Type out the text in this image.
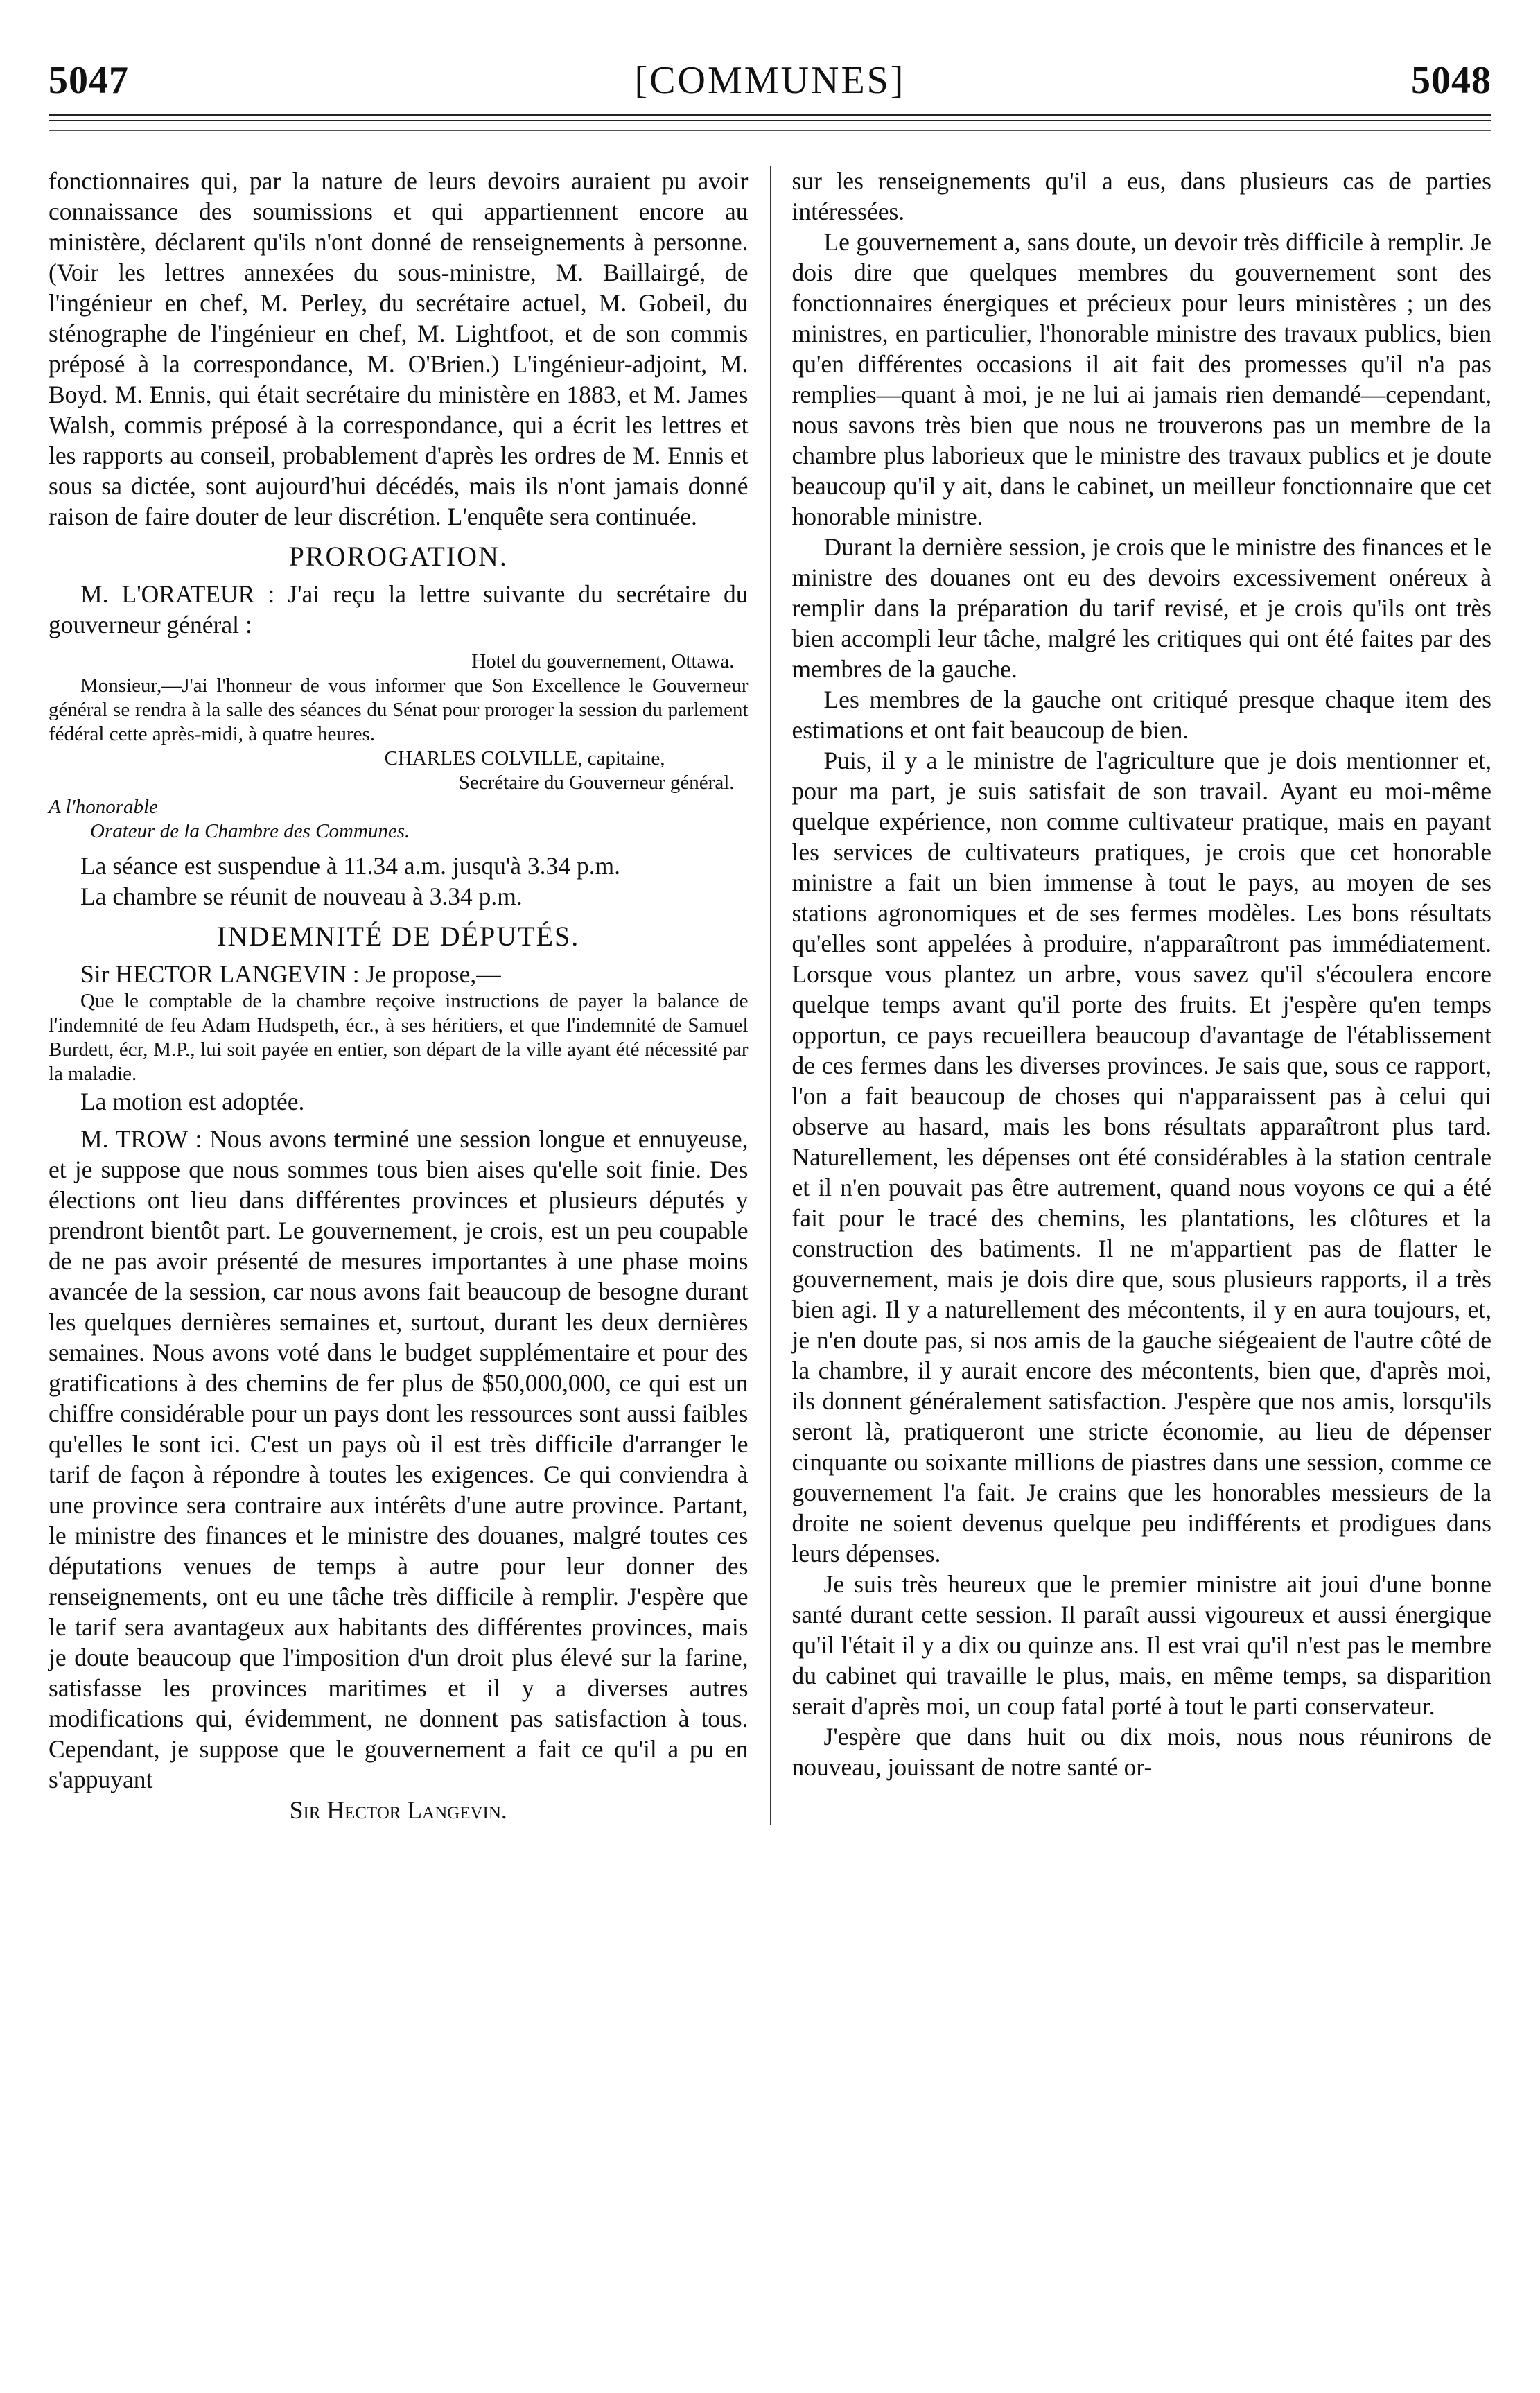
5047	[COMMUNES]	5048

fonctionnaires qui, par la nature de leurs devoirs auraient pu avoir connaissance des soumissions et qui appartiennent encore au ministère, déclarent qu'ils n'ont donné de renseignements à personne. (Voir les lettres annexées du sous-ministre, M. Baillairgé, de l'ingénieur en chef, M. Perley, du secrétaire actuel, M. Gobeil, du sténographe de l'ingénieur en chef, M. Lightfoot, et de son commis préposé à la correspondance, M. O'Brien.) L'ingénieur-adjoint, M. Boyd. M. Ennis, qui était secrétaire du ministère en 1883, et M. James Walsh, commis préposé à la correspondance, qui a écrit les lettres et les rapports au conseil, probablement d'après les ordres de M. Ennis et sous sa dictée, sont aujourd'hui décédés, mais ils n'ont jamais donné raison de faire douter de leur discrétion. L'enquête sera continuée.

PROROGATION.

M. L'ORATEUR : J'ai reçu la lettre suivante du secrétaire du gouverneur général :

Hotel du gouvernement, Ottawa.

Monsieur,—J'ai l'honneur de vous informer que Son Excellence le Gouverneur général se rendra à la salle des séances du Sénat pour proroger la session du parlement fédéral cette après-midi, à quatre heures.

CHARLES COLVILLE, capitaine,

Secrétaire du Gouverneur général.

A l'honorable

Orateur de la Chambre des Communes.

La séance est suspendue à 11.34 a.m. jusqu'à 3.34 p.m.

La chambre se réunit de nouveau à 3.34 p.m.

INDEMNITÉ DE DÉPUTÉS.

Sir HECTOR LANGEVIN : Je propose,—

Que le comptable de la chambre reçoive instructions de payer la balance de l'indemnité de feu Adam Hudspeth, écr., à ses héritiers, et que l'indemnité de Samuel Burdett, écr, M.P., lui soit payée en entier, son départ de la ville ayant été nécessité par la maladie.

La motion est adoptée.

M. TROW : Nous avons terminé une session longue et ennuyeuse, et je suppose que nous sommes tous bien aises qu'elle soit finie. Des élections ont lieu dans différentes provinces et plusieurs députés y prendront bientôt part. Le gouvernement, je crois, est un peu coupable de ne pas avoir présenté de mesures importantes à une phase moins avancée de la session, car nous avons fait beaucoup de besogne durant les quelques dernières semaines et, surtout, durant les deux dernières semaines. Nous avons voté dans le budget supplémentaire et pour des gratifications à des chemins de fer plus de $50,000,000, ce qui est un chiffre considérable pour un pays dont les ressources sont aussi faibles qu'elles le sont ici. C'est un pays où il est très difficile d'arranger le tarif de façon à répondre à toutes les exigences. Ce qui conviendra à une province sera contraire aux intérêts d'une autre province. Partant, le ministre des finances et le ministre des douanes, malgré toutes ces députations venues de temps à autre pour leur donner des renseignements, ont eu une tâche très difficile à remplir. J'espère que le tarif sera avantageux aux habitants des différentes provinces, mais je doute beaucoup que l'imposition d'un droit plus élevé sur la farine, satisfasse les provinces maritimes et il y a diverses autres modifications qui, évidemment, ne donnent pas satisfaction à tous. Cependant, je suppose que le gouvernement a fait ce qu'il a pu en s'appuyant

Sir Hector Langevin.

sur les renseignements qu'il a eus, dans plusieurs cas de parties intéressées.

Le gouvernement a, sans doute, un devoir très difficile à remplir. Je dois dire que quelques membres du gouvernement sont des fonctionnaires énergiques et précieux pour leurs ministères ; un des ministres, en particulier, l'honorable ministre des travaux publics, bien qu'en différentes occasions il ait fait des promesses qu'il n'a pas remplies—quant à moi, je ne lui ai jamais rien demandé—cependant, nous savons très bien que nous ne trouverons pas un membre de la chambre plus laborieux que le ministre des travaux publics et je doute beaucoup qu'il y ait, dans le cabinet, un meilleur fonctionnaire que cet honorable ministre.

Durant la dernière session, je crois que le ministre des finances et le ministre des douanes ont eu des devoirs excessivement onéreux à remplir dans la préparation du tarif revisé, et je crois qu'ils ont très bien accompli leur tâche, malgré les critiques qui ont été faites par des membres de la gauche.

Les membres de la gauche ont critiqué presque chaque item des estimations et ont fait beaucoup de bien.

Puis, il y a le ministre de l'agriculture que je dois mentionner et, pour ma part, je suis satisfait de son travail. Ayant eu moi-même quelque expérience, non comme cultivateur pratique, mais en payant les services de cultivateurs pratiques, je crois que cet honorable ministre a fait un bien immense à tout le pays, au moyen de ses stations agronomiques et de ses fermes modèles. Les bons résultats qu'elles sont appelées à produire, n'apparaîtront pas immédiatement. Lorsque vous plantez un arbre, vous savez qu'il s'écoulera encore quelque temps avant qu'il porte des fruits. Et j'espère qu'en temps opportun, ce pays recueillera beaucoup d'avantage de l'établissement de ces fermes dans les diverses provinces. Je sais que, sous ce rapport, l'on a fait beaucoup de choses qui n'apparaissent pas à celui qui observe au hasard, mais les bons résultats apparaîtront plus tard. Naturellement, les dépenses ont été considérables à la station centrale et il n'en pouvait pas être autrement, quand nous voyons ce qui a été fait pour le tracé des chemins, les plantations, les clôtures et la construction des batiments. Il ne m'appartient pas de flatter le gouvernement, mais je dois dire que, sous plusieurs rapports, il a très bien agi. Il y a naturellement des mécontents, il y en aura toujours, et, je n'en doute pas, si nos amis de la gauche siégeaient de l'autre côté de la chambre, il y aurait encore des mécontents, bien que, d'après moi, ils donnent généralement satisfaction. J'espère que nos amis, lorsqu'ils seront là, pratiqueront une stricte économie, au lieu de dépenser cinquante ou soixante millions de piastres dans une session, comme ce gouvernement l'a fait. Je crains que les honorables messieurs de la droite ne soient devenus quelque peu indifférents et prodigues dans leurs dépenses.

Je suis très heureux que le premier ministre ait joui d'une bonne santé durant cette session. Il paraît aussi vigoureux et aussi énergique qu'il l'était il y a dix ou quinze ans. Il est vrai qu'il n'est pas le membre du cabinet qui travaille le plus, mais, en même temps, sa disparition serait d'après moi, un coup fatal porté à tout le parti conservateur.

J'espère que dans huit ou dix mois, nous nous réunirons de nouveau, jouissant de notre santé or-
